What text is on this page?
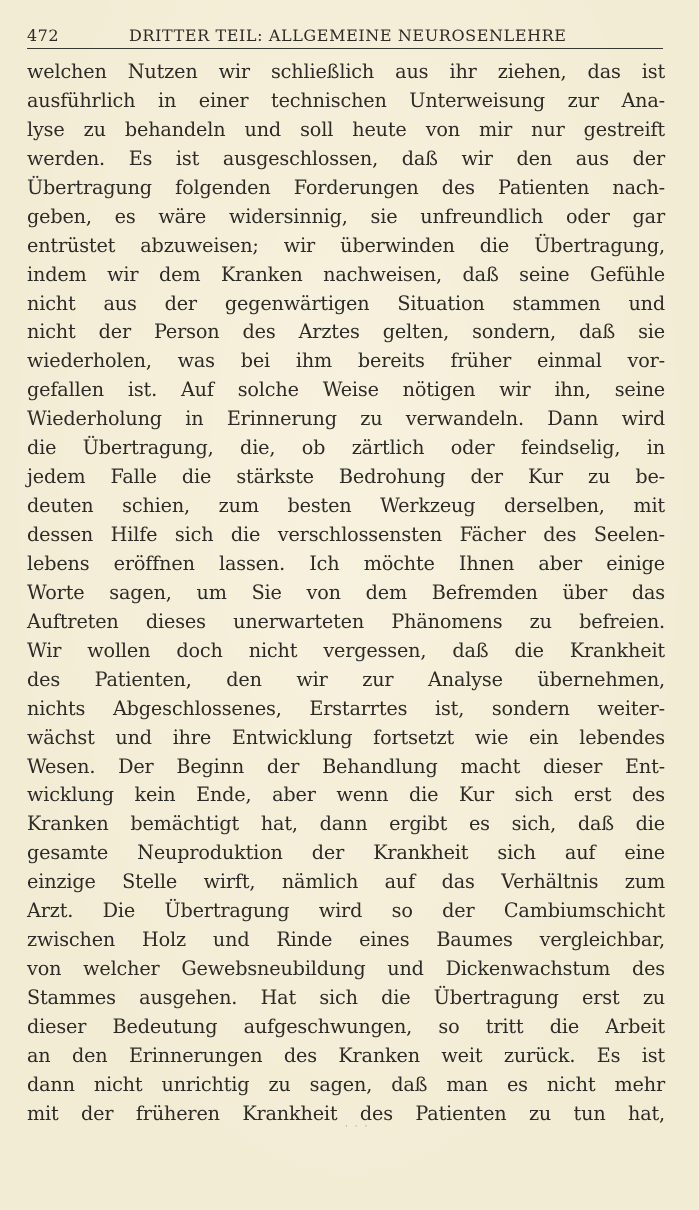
472	DRITTER TEIL: ALLGEMEINE NEUROSENLEHRE
welchen Nutzen wir schließlich aus ihr ziehen, das ist
ausführlich in einer technischen Unterweisung zur Ana-
lyse zu behandeln und soll heute von mir nur gestreift
werden. Es ist ausgeschlossen, daß wir den aus der
Übertragung folgenden Forderungen des Patienten nach-
geben, es wäre widersinnig, sie unfreundlich oder gar
entrüstet abzuweisen; wir überwinden die Übertragung,
indem wir dem Kranken nachweisen, daß seine Gefühle
nicht aus der gegenwärtigen Situation stammen und
nicht der Person des Arztes gelten, sondern, daß sie
wiederholen, was bei ihm bereits früher einmal vor-
gefallen ist. Auf solche Weise nötigen wir ihn, seine
Wiederholung in Erinnerung zu verwandeln. Dann wird
die Übertragung, die, ob zärtlich oder feindselig, in
jedem Falle die stärkste Bedrohung der Kur zu be-
deuten schien, zum besten Werkzeug derselben, mit
dessen Hilfe sich die verschlossensten Fächer des Seelen-
lebens eröffnen lassen. Ich möchte Ihnen aber einige
Worte sagen, um Sie von dem Befremden über das
Auftreten dieses unerwarteten Phänomens zu befreien.
Wir wollen doch nicht vergessen, daß die Krankheit
des Patienten, den wir zur Analyse übernehmen,
nichts Abgeschlossenes, Erstarrtes ist, sondern weiter-
wächst und ihre Entwicklung fortsetzt wie ein lebendes
Wesen. Der Beginn der Behandlung macht dieser Ent-
wicklung kein Ende, aber wenn die Kur sich erst des
Kranken bemächtigt hat, dann ergibt es sich, daß die
gesamte Neuproduktion der Krankheit sich auf eine
einzige Stelle wirft, nämlich auf das Verhältnis zum
Arzt. Die Übertragung wird so der Cambiumschicht
zwischen Holz und Rinde eines Baumes vergleichbar,
von welcher Gewebsneubildung und Dickenwachstum des
Stammes ausgehen. Hat sich die Übertragung erst zu
dieser Bedeutung aufgeschwungen, so tritt die Arbeit
an den Erinnerungen des Kranken weit zurück. Es ist
dann nicht unrichtig zu sagen, daß man es nicht mehr
mit der früheren Krankheit des Patienten zu tun hat,
· · ·
